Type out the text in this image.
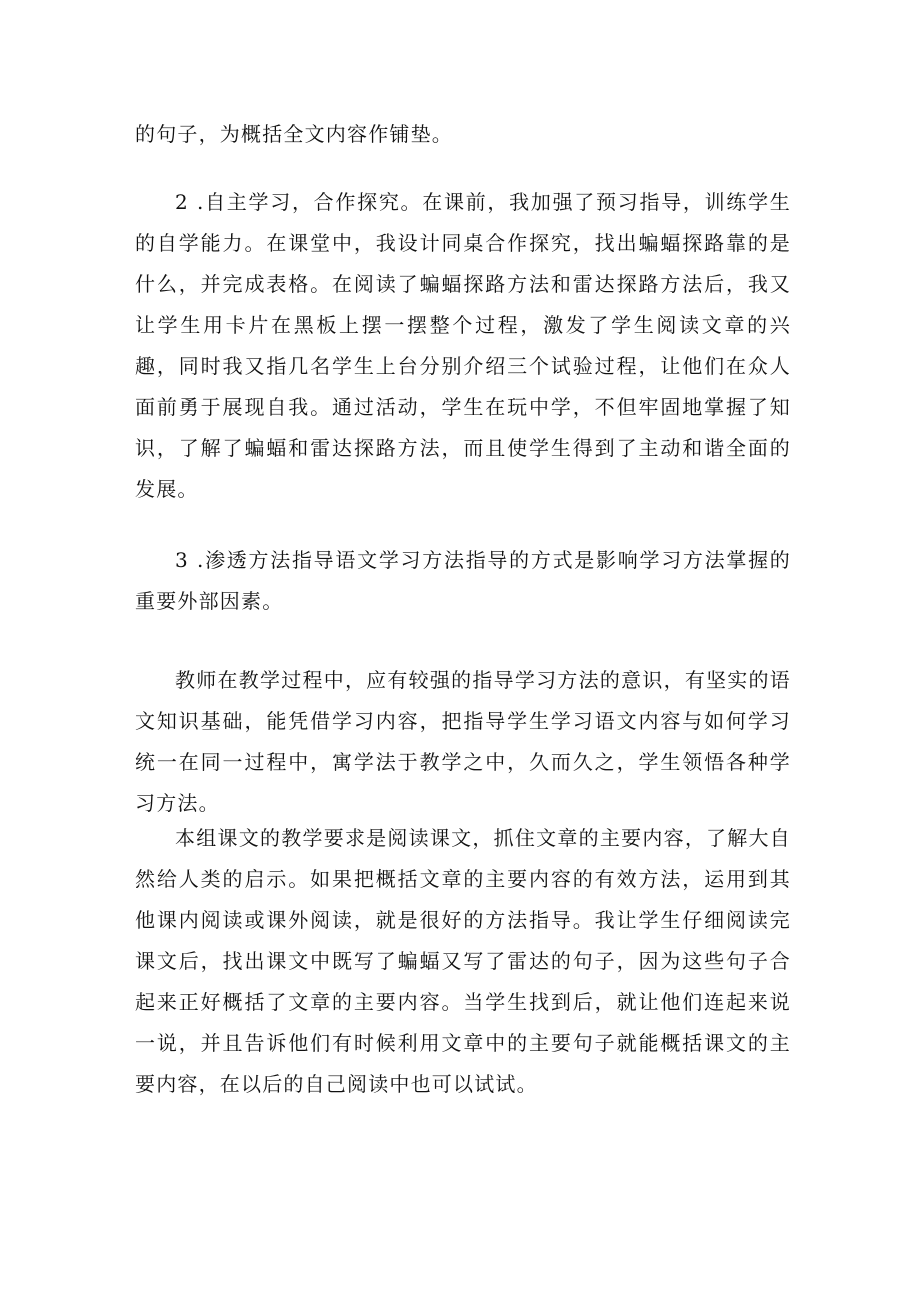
的句子，为概括全文内容作铺垫。

2 .自主学习，合作探究。在课前，我加强了预习指导，训练学生的自学能力。在课堂中，我设计同桌合作探究，找出蝙蝠探路靠的是什么，并完成表格。在阅读了蝙蝠探路方法和雷达探路方法后，我又让学生用卡片在黑板上摆一摆整个过程，激发了学生阅读文章的兴趣，同时我又指几名学生上台分别介绍三个试验过程，让他们在众人面前勇于展现自我。通过活动，学生在玩中学，不但牢固地掌握了知识，了解了蝙蝠和雷达探路方法，而且使学生得到了主动和谐全面的发展。

3 .渗透方法指导语文学习方法指导的方式是影响学习方法掌握的重要外部因素。

教师在教学过程中，应有较强的指导学习方法的意识，有坚实的语文知识基础，能凭借学习内容，把指导学生学习语文内容与如何学习统一在同一过程中，寓学法于教学之中，久而久之，学生领悟各种学习方法。

本组课文的教学要求是阅读课文，抓住文章的主要内容，了解大自然给人类的启示。如果把概括文章的主要内容的有效方法，运用到其他课内阅读或课外阅读，就是很好的方法指导。我让学生仔细阅读完课文后，找出课文中既写了蝙蝠又写了雷达的句子，因为这些句子合起来正好概括了文章的主要内容。当学生找到后，就让他们连起来说一说，并且告诉他们有时候利用文章中的主要句子就能概括课文的主要内容，在以后的自己阅读中也可以试试。
